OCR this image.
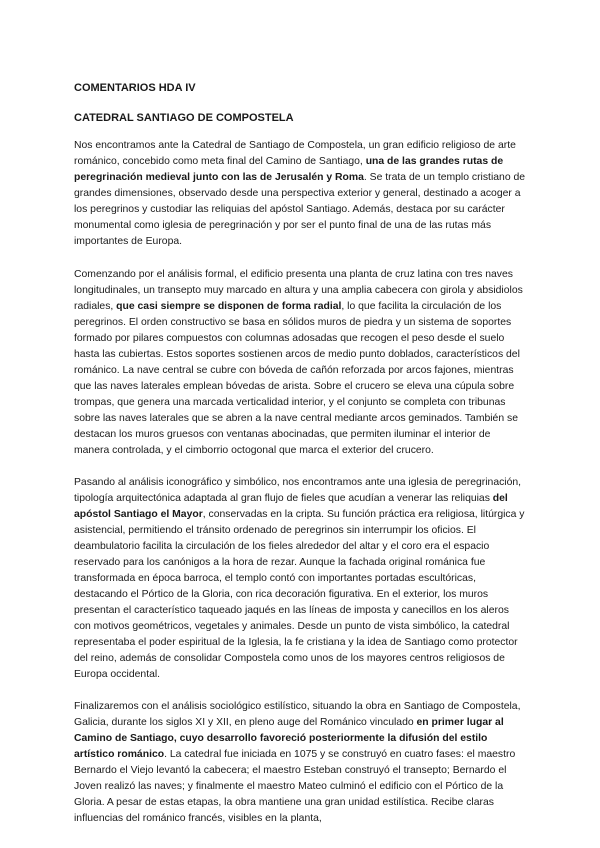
COMENTARIOS HDA IV

CATEDRAL SANTIAGO DE COMPOSTELA

Nos encontramos ante la Catedral de Santiago de Compostela, un gran edificio religioso de arte románico, concebido como meta final del Camino de Santiago, una de las grandes rutas de peregrinación medieval junto con las de Jerusalén y Roma. Se trata de un templo cristiano de grandes dimensiones, observado desde una perspectiva exterior y general, destinado a acoger a los peregrinos y custodiar las reliquias del apóstol Santiago. Además, destaca por su carácter monumental como iglesia de peregrinación y por ser el punto final de una de las rutas más importantes de Europa.

Comenzando por el análisis formal, el edificio presenta una planta de cruz latina con tres naves longitudinales, un transepto muy marcado en altura y una amplia cabecera con girola y absidiolos radiales, que casi siempre se disponen de forma radial, lo que facilita la circulación de los peregrinos. El orden constructivo se basa en sólidos muros de piedra y un sistema de soportes formado por pilares compuestos con columnas adosadas que recogen el peso desde el suelo hasta las cubiertas. Estos soportes sostienen arcos de medio punto doblados, característicos del románico. La nave central se cubre con bóveda de cañón reforzada por arcos fajones, mientras que las naves laterales emplean bóvedas de arista. Sobre el crucero se eleva una cúpula sobre trompas, que genera una marcada verticalidad interior, y el conjunto se completa con tribunas sobre las naves laterales que se abren a la nave central mediante arcos geminados. También se destacan los muros gruesos con ventanas abocinadas, que permiten iluminar el interior de manera controlada, y el cimborrio octogonal que marca el exterior del crucero.

Pasando al análisis iconográfico y simbólico, nos encontramos ante una iglesia de peregrinación, tipología arquitectónica adaptada al gran flujo de fieles que acudían a venerar las reliquias del apóstol Santiago el Mayor, conservadas en la cripta. Su función práctica era religiosa, litúrgica y asistencial, permitiendo el tránsito ordenado de peregrinos sin interrumpir los oficios. El deambulatorio facilita la circulación de los fieles alrededor del altar y el coro era el espacio reservado para los canónigos a la hora de rezar. Aunque la fachada original románica fue transformada en época barroca, el templo contó con importantes portadas escultóricas, destacando el Pórtico de la Gloria, con rica decoración figurativa. En el exterior, los muros presentan el característico taqueado jaqués en las líneas de imposta y canecillos en los aleros con motivos geométricos, vegetales y animales. Desde un punto de vista simbólico, la catedral representaba el poder espiritual de la Iglesia, la fe cristiana y la idea de Santiago como protector del reino, además de consolidar Compostela como unos de los mayores centros religiosos de Europa occidental.

Finalizaremos con el análisis sociológico estilístico, situando la obra en Santiago de Compostela, Galicia, durante los siglos XI y XII, en pleno auge del Románico vinculado en primer lugar al Camino de Santiago, cuyo desarrollo favoreció posteriormente la difusión del estilo artístico románico. La catedral fue iniciada en 1075 y se construyó en cuatro fases: el maestro Bernardo el Viejo levantó la cabecera; el maestro Esteban construyó el transepto; Bernardo el Joven realizó las naves; y finalmente el maestro Mateo culminó el edificio con el Pórtico de la Gloria. A pesar de estas etapas, la obra mantiene una gran unidad estilística. Recibe claras influencias del románico francés, visibles en la planta,
